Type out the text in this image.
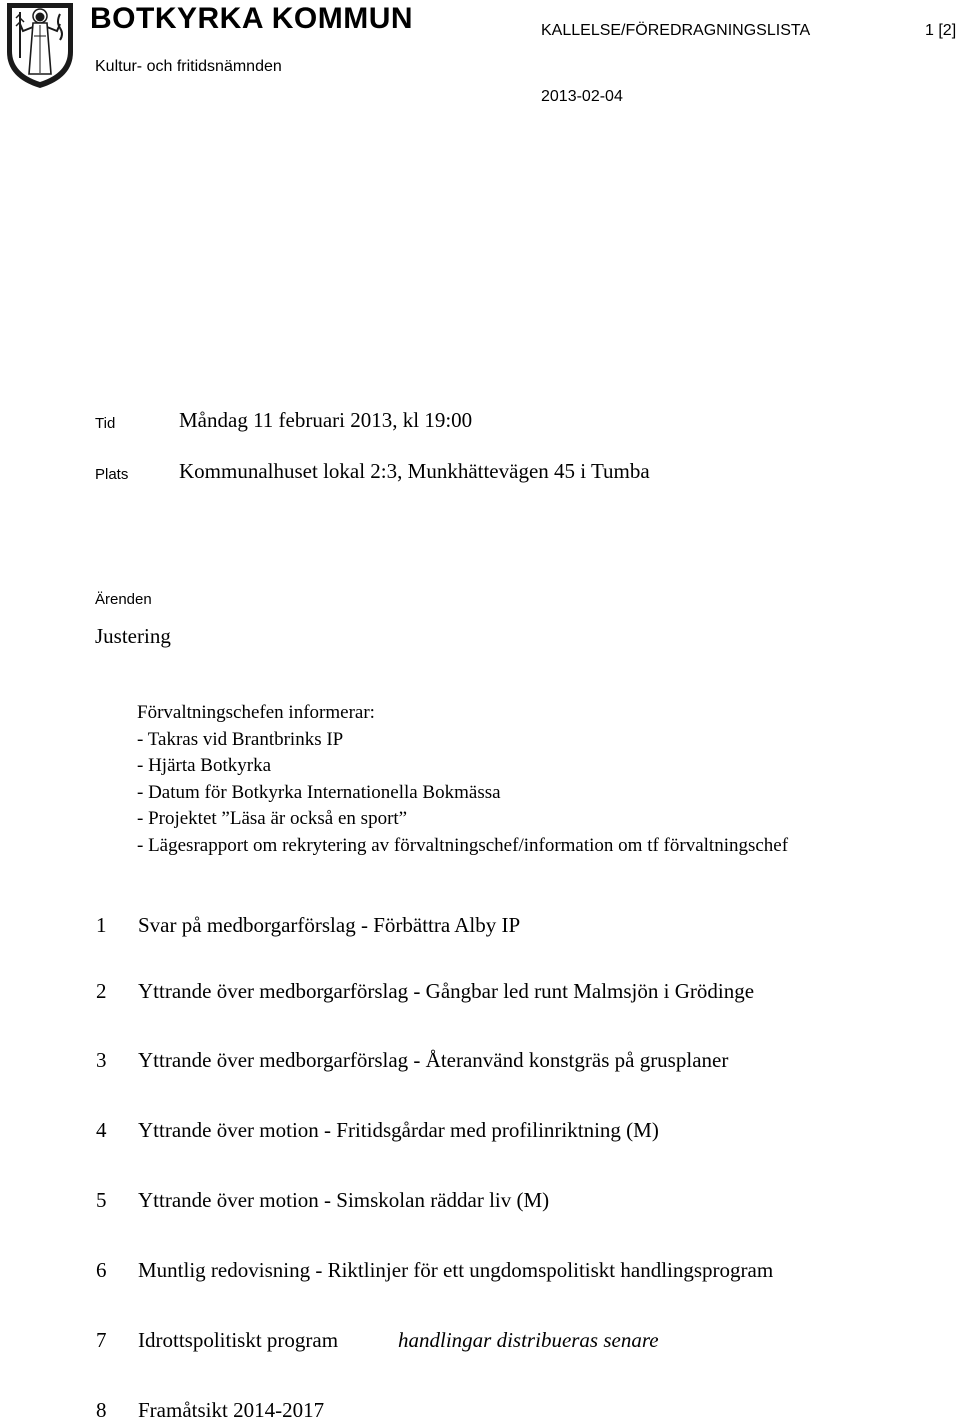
BOTKYRKA KOMMUN
Kultur- och fritidsnämnden
KALLELSE/FÖREDRAGNINGSLISTA	1 [2]
2013-02-04
Tid	Måndag 11 februari 2013, kl 19:00
Plats Kommunalhuset lokal 2:3, Munkhättevägen 45 i Tumba
Ärenden
Justering
Förvaltningschefen informerar:
- Takras vid Brantbrinks IP
- Hjärta Botkyrka
- Datum för Botkyrka Internationella Bokmässa
- Projektet ”Läsa är också en sport”
- Lägesrapport om rekrytering av förvaltningschef/information om tf förvaltningschef
1 Svar på medborgarförslag - Förbättra Alby IP
2 Yttrande över medborgarförslag - Gångbar led runt Malmsjön i Grödinge
3 Yttrande över medborgarförslag - Återanvänd konstgräs på grusplaner
4 Yttrande över motion - Fritidsgårdar med profilinriktning (M)
5 Yttrande över motion - Simskolan räddar liv (M)
6 Muntlig redovisning - Riktlinjer för ett ungdomspolitiskt handlingsprogram
7 Idrottspolitiskt program	handlingar distribueras senare
8 Framåtsikt 2014-2017
